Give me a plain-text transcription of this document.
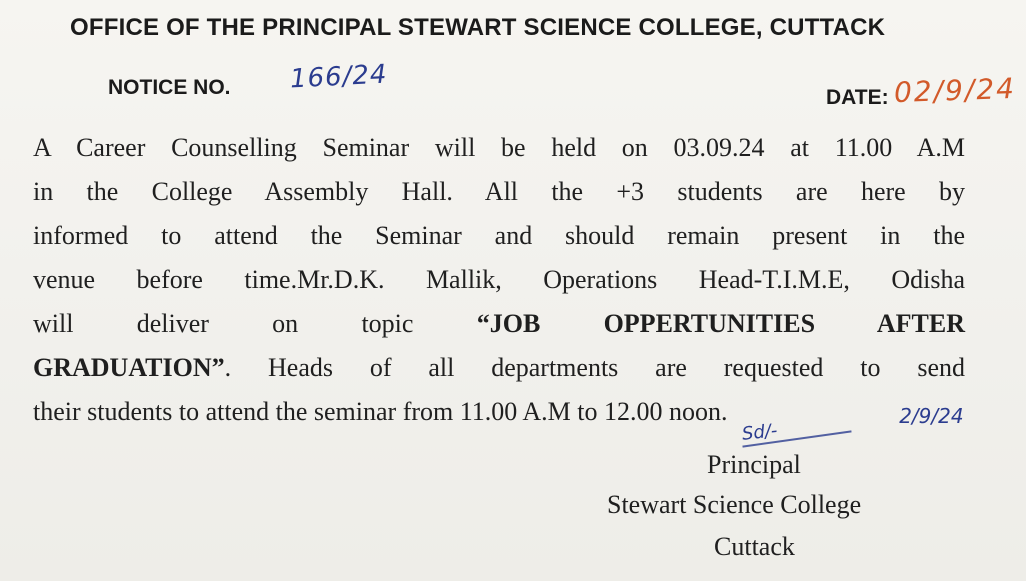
OFFICE OF THE PRINCIPAL STEWART SCIENCE COLLEGE, CUTTACK
NOTICE NO. 166/24
DATE: 02/9/24
A Career Counselling Seminar will be held on 03.09.24 at 11.00 A.M
in the College Assembly Hall. All the +3 students are here by
informed to attend the Seminar and should remain present in the
venue before time.Mr.D.K. Mallik, Operations Head-T.I.M.E, Odisha
will deliver on topic “JOB OPPERTUNITIES AFTER
GRADUATION”. Heads of all departments are requested to send
their students to attend the seminar from 11.00 A.M to 12.00 noon.
Sd/-
2/9/24
Principal
Stewart Science College
Cuttack
